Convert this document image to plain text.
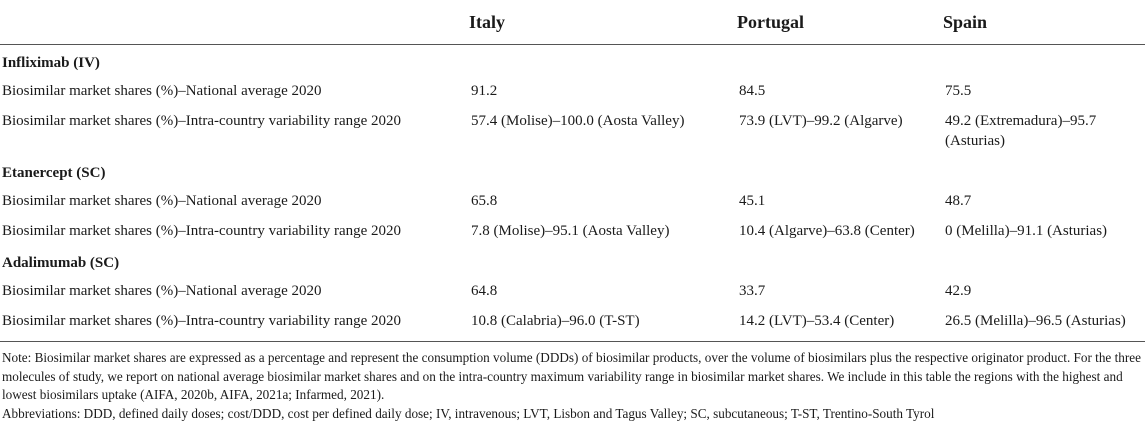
	Italy	Portugal	Spain
Infliximab (IV)			
Biosimilar market shares (%)–National average 2020	91.2	84.5	75.5
Biosimilar market shares (%)–Intra-country variability range 2020	57.4 (Molise)–100.0 (Aosta Valley)	73.9 (LVT)–99.2 (Algarve)	49.2 (Extremadura)–95.7 (Asturias)
Etanercept (SC)			
Biosimilar market shares (%)–National average 2020	65.8	45.1	48.7
Biosimilar market shares (%)–Intra-country variability range 2020	7.8 (Molise)–95.1 (Aosta Valley)	10.4 (Algarve)–63.8 (Center)	0 (Melilla)–91.1 (Asturias)
Adalimumab (SC)			
Biosimilar market shares (%)–National average 2020	64.8	33.7	42.9
Biosimilar market shares (%)–Intra-country variability range 2020	10.8 (Calabria)–96.0 (T-ST)	14.2 (LVT)–53.4 (Center)	26.5 (Melilla)–96.5 (Asturias)

Note: Biosimilar market shares are expressed as a percentage and represent the consumption volume (DDDs) of biosimilar products, over the volume of biosimilars plus the respective originator product. For the three molecules of study, we report on national average biosimilar market shares and on the intra-country maximum variability range in biosimilar market shares. We include in this table the regions with the highest and lowest biosimilars uptake (AIFA, 2020b, AIFA, 2021a; Infarmed, 2021).

Abbreviations: DDD, defined daily doses; cost/DDD, cost per defined daily dose; IV, intravenous; LVT, Lisbon and Tagus Valley; SC, subcutaneous; T-ST, Trentino-South Tyrol
